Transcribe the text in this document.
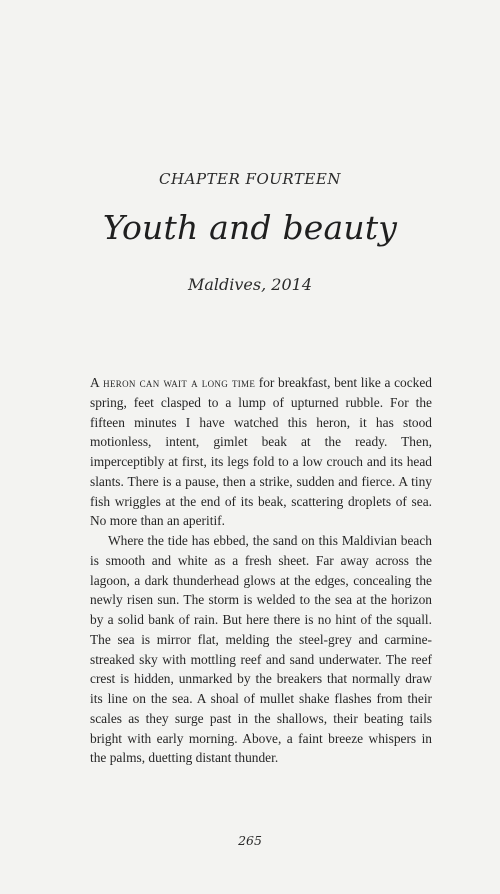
CHAPTER FOURTEEN
Youth and beauty
Maldives, 2014

A heron can wait a long time for breakfast, bent like a cocked spring, feet clasped to a lump of upturned rubble. For the fifteen minutes I have watched this heron, it has stood motionless, intent, gimlet beak at the ready. Then, imperceptibly at first, its legs fold to a low crouch and its head slants. There is a pause, then a strike, sudden and fierce. A tiny fish wriggles at the end of its beak, scattering droplets of sea. No more than an aperitif.

Where the tide has ebbed, the sand on this Maldivian beach is smooth and white as a fresh sheet. Far away across the lagoon, a dark thunderhead glows at the edges, concealing the newly risen sun. The storm is welded to the sea at the horizon by a solid bank of rain. But here there is no hint of the squall. The sea is mirror flat, melding the steel-grey and carmine-streaked sky with mottling reef and sand underwater. The reef crest is hidden, unmarked by the breakers that normally draw its line on the sea. A shoal of mullet shake flashes from their scales as they surge past in the shallows, their beating tails bright with early morning. Above, a faint breeze whispers in the palms, duetting distant thunder.

265
